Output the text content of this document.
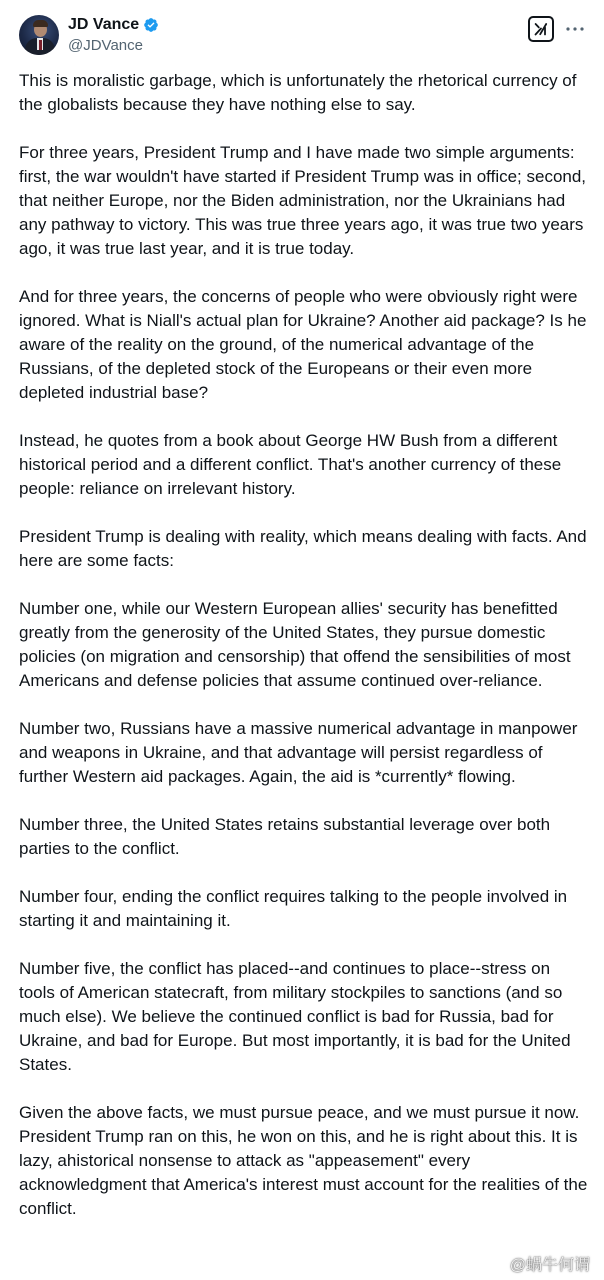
JD Vance
@JDVance

This is moralistic garbage, which is unfortunately the rhetorical currency of the globalists because they have nothing else to say.

For three years, President Trump and I have made two simple arguments: first, the war wouldn't have started if President Trump was in office; second, that neither Europe, nor the Biden administration, nor the Ukrainians had any pathway to victory. This was true three years ago, it was true two years ago, it was true last year, and it is true today.

And for three years, the concerns of people who were obviously right were ignored. What is Niall's actual plan for Ukraine? Another aid package? Is he aware of the reality on the ground, of the numerical advantage of the Russians, of the depleted stock of the Europeans or their even more depleted industrial base?

Instead, he quotes from a book about George HW Bush from a different historical period and a different conflict. That's another currency of these people: reliance on irrelevant history.

President Trump is dealing with reality, which means dealing with facts. And here are some facts:

Number one, while our Western European allies' security has benefitted greatly from the generosity of the United States, they pursue domestic policies (on migration and censorship) that offend the sensibilities of most Americans and defense policies that assume continued over-reliance.

Number two, Russians have a massive numerical advantage in manpower and weapons in Ukraine, and that advantage will persist regardless of further Western aid packages. Again, the aid is *currently* flowing.

Number three, the United States retains substantial leverage over both parties to the conflict.

Number four, ending the conflict requires talking to the people involved in starting it and maintaining it.

Number five, the conflict has placed--and continues to place--stress on tools of American statecraft, from military stockpiles to sanctions (and so much else). We believe the continued conflict is bad for Russia, bad for Ukraine, and bad for Europe. But most importantly, it is bad for the United States.

Given the above facts, we must pursue peace, and we must pursue it now. President Trump ran on this, he won on this, and he is right about this. It is lazy, ahistorical nonsense to attack as "appeasement" every acknowledgment that America's interest must account for the realities of the conflict.

@蜗牛何谓
